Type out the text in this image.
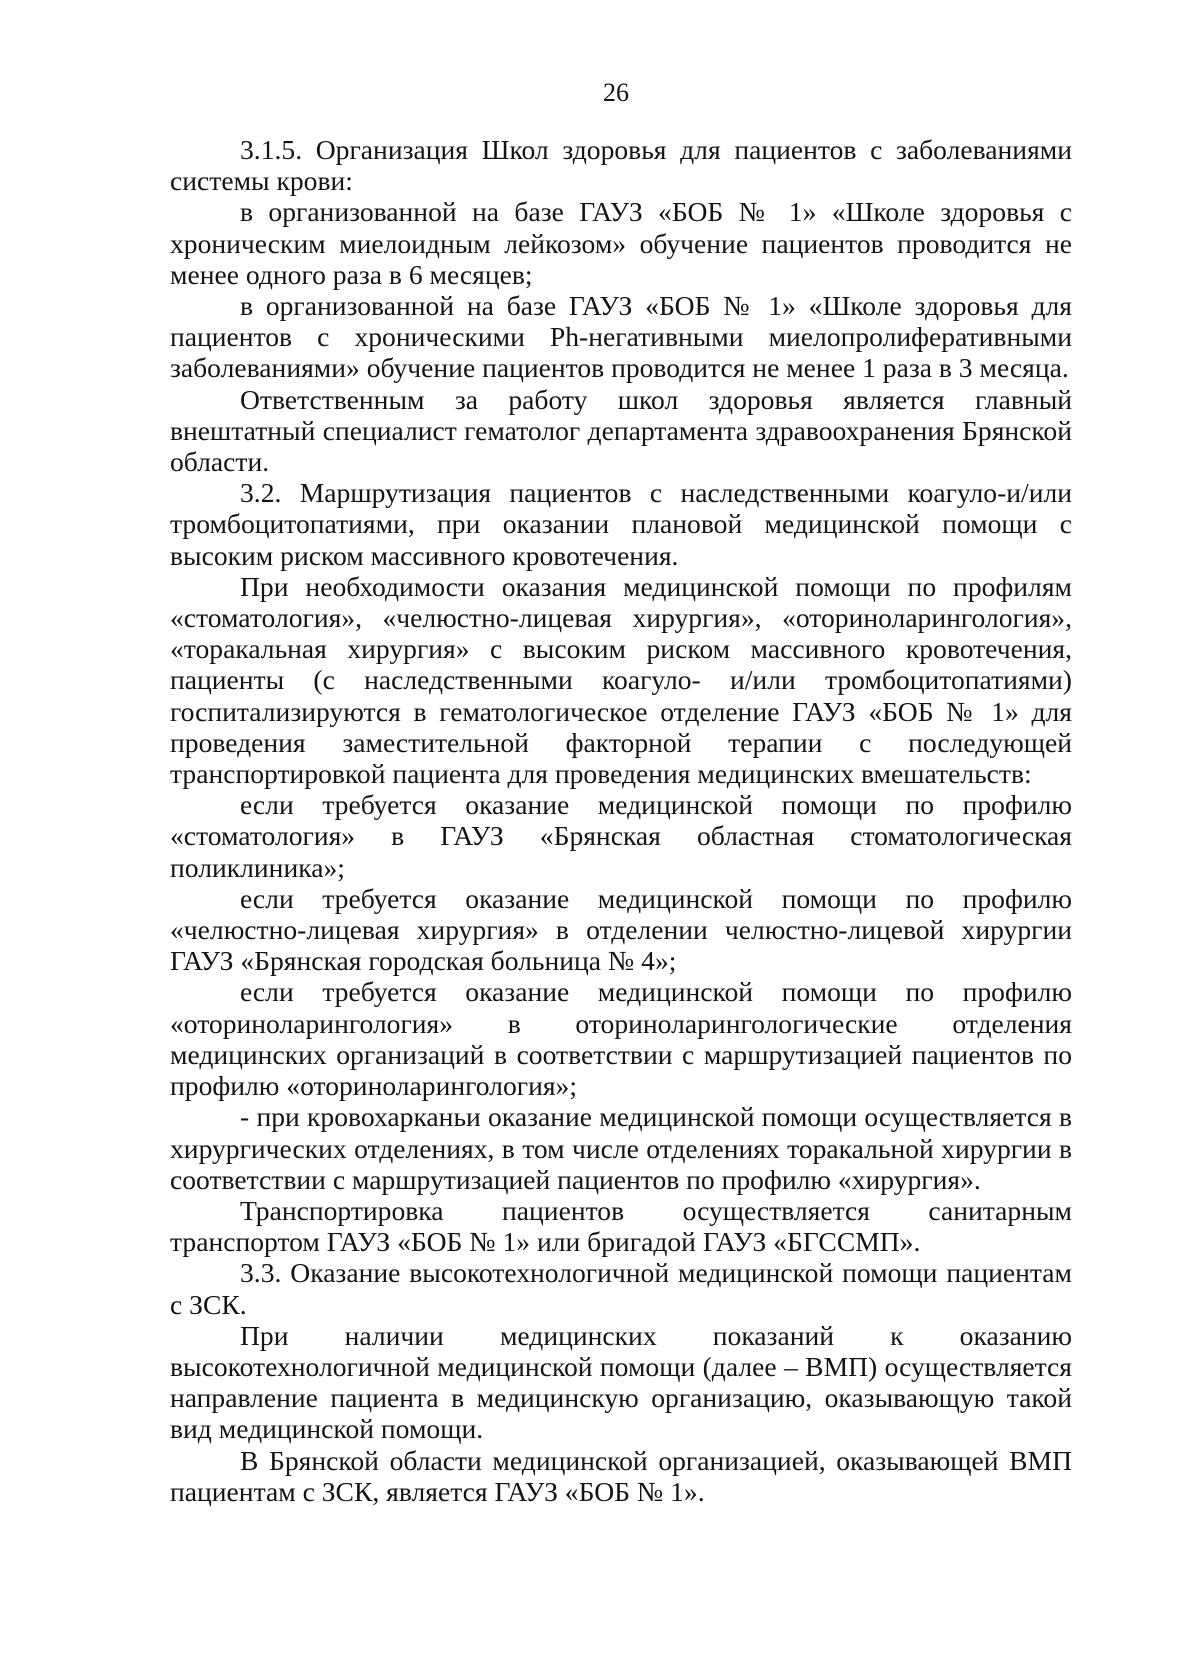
26

3.1.5. Организация Школ здоровья для пациентов с заболеваниями системы крови:

в организованной на базе ГАУЗ «БОБ № 1» «Школе здоровья с хроническим миелоидным лейкозом» обучение пациентов проводится не менее одного раза в 6 месяцев;

в организованной на базе ГАУЗ «БОБ № 1» «Школе здоровья для пациентов с хроническими Ph-негативными миелопролиферативными заболеваниями» обучение пациентов проводится не менее 1 раза в 3 месяца.

Ответственным за работу школ здоровья является главный внештатный специалист гематолог департамента здравоохранения Брянской области.

3.2. Маршрутизация пациентов с наследственными коагуло-и/или тромбоцитопатиями, при оказании плановой медицинской помощи с высоким риском массивного кровотечения.

При необходимости оказания медицинской помощи по профилям «стоматология», «челюстно-лицевая хирургия», «оториноларингология», «торакальная хирургия» с высоким риском массивного кровотечения, пациенты (с наследственными коагуло- и/или тромбоцитопатиями) госпитализируются в гематологическое отделение ГАУЗ «БОБ № 1» для проведения заместительной факторной терапии с последующей транспортировкой пациента для проведения медицинских вмешательств:

если требуется оказание медицинской помощи по профилю «стоматология» в ГАУЗ «Брянская областная стоматологическая поликлиника»;

если требуется оказание медицинской помощи по профилю «челюстно-лицевая хирургия» в отделении челюстно-лицевой хирургии ГАУЗ «Брянская городская больница № 4»;

если требуется оказание медицинской помощи по профилю «оториноларингология» в оториноларингологические отделения медицинских организаций в соответствии с маршрутизацией пациентов по профилю «оториноларингология»;

- при кровохарканьи оказание медицинской помощи осуществляется в хирургических отделениях, в том числе отделениях торакальной хирургии в соответствии с маршрутизацией пациентов по профилю «хирургия».

Транспортировка пациентов осуществляется санитарным транспортом ГАУЗ «БОБ № 1» или бригадой ГАУЗ «БГССМП».

3.3. Оказание высокотехнологичной медицинской помощи пациентам с ЗСК.

При наличии медицинских показаний к оказанию высокотехнологичной медицинской помощи (далее – ВМП) осуществляется направление пациента в медицинскую организацию, оказывающую такой вид медицинской помощи.

В Брянской области медицинской организацией, оказывающей ВМП пациентам с ЗСК, является ГАУЗ «БОБ № 1».
